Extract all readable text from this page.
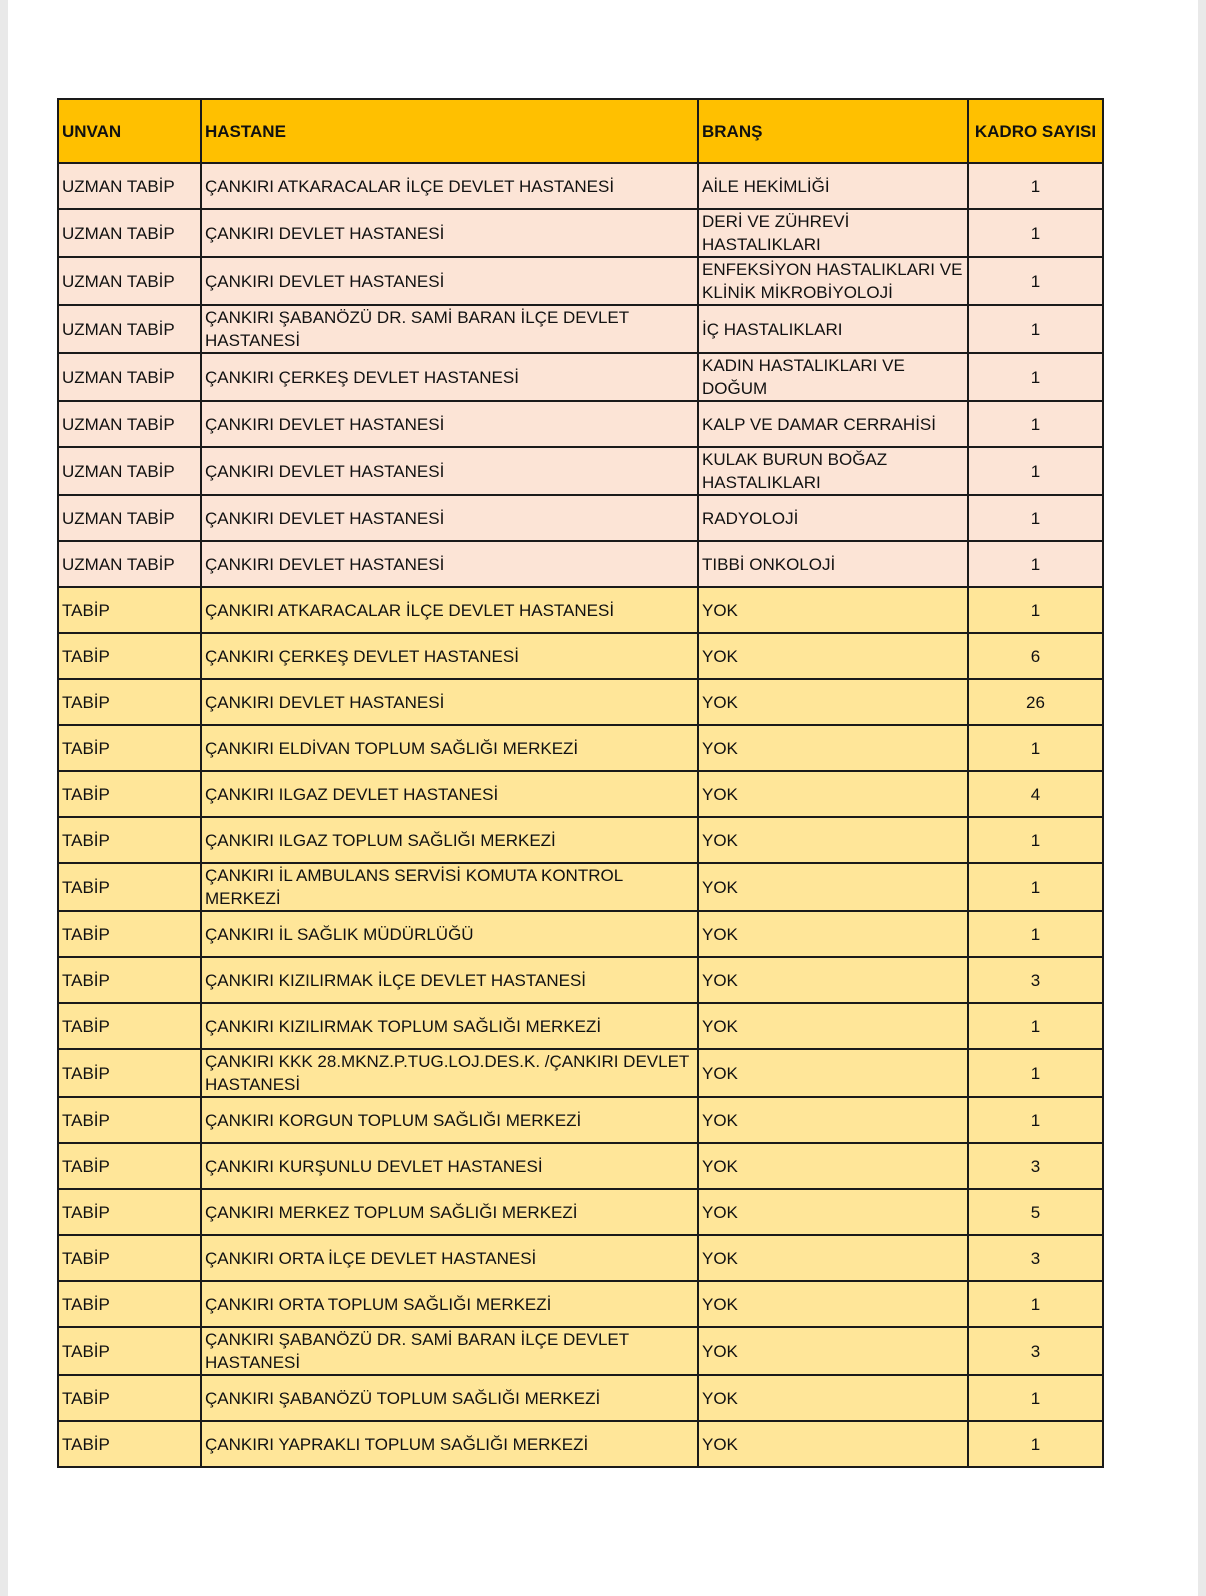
UNVAN	HASTANE	BRANŞ	KADRO SAYISI
UZMAN TABİP	ÇANKIRI ATKARACALAR İLÇE DEVLET HASTANESİ	AİLE HEKİMLİĞİ	1
UZMAN TABİP	ÇANKIRI DEVLET HASTANESİ	DERİ VE ZÜHREVİ HASTALIKLARI	1
UZMAN TABİP	ÇANKIRI DEVLET HASTANESİ	ENFEKSİYON HASTALIKLARI VE KLİNİK MİKROBİYOLOJİ	1
UZMAN TABİP	ÇANKIRI ŞABANÖZÜ DR. SAMİ BARAN İLÇE DEVLET HASTANESİ	İÇ HASTALIKLARI	1
UZMAN TABİP	ÇANKIRI ÇERKEŞ DEVLET HASTANESİ	KADIN HASTALIKLARI VE DOĞUM	1
UZMAN TABİP	ÇANKIRI DEVLET HASTANESİ	KALP VE DAMAR CERRAHİSİ	1
UZMAN TABİP	ÇANKIRI DEVLET HASTANESİ	KULAK BURUN BOĞAZ HASTALIKLARI	1
UZMAN TABİP	ÇANKIRI DEVLET HASTANESİ	RADYOLOJİ	1
UZMAN TABİP	ÇANKIRI DEVLET HASTANESİ	TIBBİ ONKOLOJİ	1
TABİP	ÇANKIRI ATKARACALAR İLÇE DEVLET HASTANESİ	YOK	1
TABİP	ÇANKIRI ÇERKEŞ DEVLET HASTANESİ	YOK	6
TABİP	ÇANKIRI DEVLET HASTANESİ	YOK	26
TABİP	ÇANKIRI ELDİVAN TOPLUM SAĞLIĞI MERKEZİ	YOK	1
TABİP	ÇANKIRI ILGAZ DEVLET HASTANESİ	YOK	4
TABİP	ÇANKIRI ILGAZ TOPLUM SAĞLIĞI MERKEZİ	YOK	1
TABİP	ÇANKIRI İL AMBULANS SERVİSİ KOMUTA KONTROL MERKEZİ	YOK	1
TABİP	ÇANKIRI İL SAĞLIK MÜDÜRLÜĞÜ	YOK	1
TABİP	ÇANKIRI KIZILIRMAK İLÇE DEVLET HASTANESİ	YOK	3
TABİP	ÇANKIRI KIZILIRMAK TOPLUM SAĞLIĞI MERKEZİ	YOK	1
TABİP	ÇANKIRI KKK 28.MKNZ.P.TUG.LOJ.DES.K. /ÇANKIRI DEVLET HASTANESİ	YOK	1
TABİP	ÇANKIRI KORGUN TOPLUM SAĞLIĞI MERKEZİ	YOK	1
TABİP	ÇANKIRI KURŞUNLU DEVLET HASTANESİ	YOK	3
TABİP	ÇANKIRI MERKEZ TOPLUM SAĞLIĞI MERKEZİ	YOK	5
TABİP	ÇANKIRI ORTA İLÇE DEVLET HASTANESİ	YOK	3
TABİP	ÇANKIRI ORTA TOPLUM SAĞLIĞI MERKEZİ	YOK	1
TABİP	ÇANKIRI ŞABANÖZÜ DR. SAMİ BARAN İLÇE DEVLET HASTANESİ	YOK	3
TABİP	ÇANKIRI ŞABANÖZÜ TOPLUM SAĞLIĞI MERKEZİ	YOK	1
TABİP	ÇANKIRI YAPRAKLI TOPLUM SAĞLIĞI MERKEZİ	YOK	1
